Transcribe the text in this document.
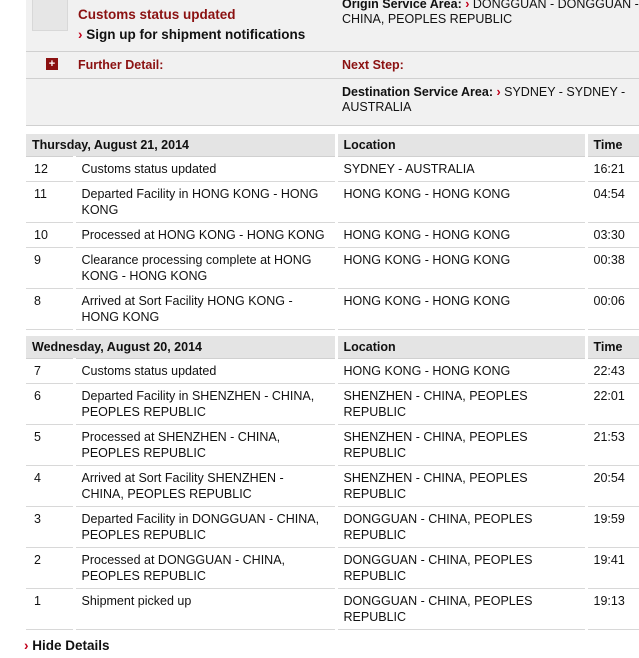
Customs status updated
› Sign up for shipment notifications
Origin Service Area: › DONGGUAN - DONGGUAN - CHINA, PEOPLES REPUBLIC
+	Further Detail:	Next Step:
Destination Service Area: › SYDNEY - SYDNEY - AUSTRALIA
Thursday, August 21, 2014		Location	Time
12	Customs status updated	SYDNEY - AUSTRALIA	16:21
11	Departed Facility in HONG KONG - HONG KONG	HONG KONG - HONG KONG	04:54
10	Processed at HONG KONG - HONG KONG	HONG KONG - HONG KONG	03:30
9	Clearance processing complete at HONG KONG - HONG KONG	HONG KONG - HONG KONG	00:38
8	Arrived at Sort Facility HONG KONG - HONG KONG	HONG KONG - HONG KONG	00:06
Wednesday, August 20, 2014		Location	Time
7	Customs status updated	HONG KONG - HONG KONG	22:43
6	Departed Facility in SHENZHEN - CHINA, PEOPLES REPUBLIC	SHENZHEN - CHINA, PEOPLES REPUBLIC	22:01
5	Processed at SHENZHEN - CHINA, PEOPLES REPUBLIC	SHENZHEN - CHINA, PEOPLES REPUBLIC	21:53
4	Arrived at Sort Facility SHENZHEN - CHINA, PEOPLES REPUBLIC	SHENZHEN - CHINA, PEOPLES REPUBLIC	20:54
3	Departed Facility in DONGGUAN - CHINA, PEOPLES REPUBLIC	DONGGUAN - CHINA, PEOPLES REPUBLIC	19:59
2	Processed at DONGGUAN - CHINA, PEOPLES REPUBLIC	DONGGUAN - CHINA, PEOPLES REPUBLIC	19:41
1	Shipment picked up	DONGGUAN - CHINA, PEOPLES REPUBLIC	19:13
› Hide Details
